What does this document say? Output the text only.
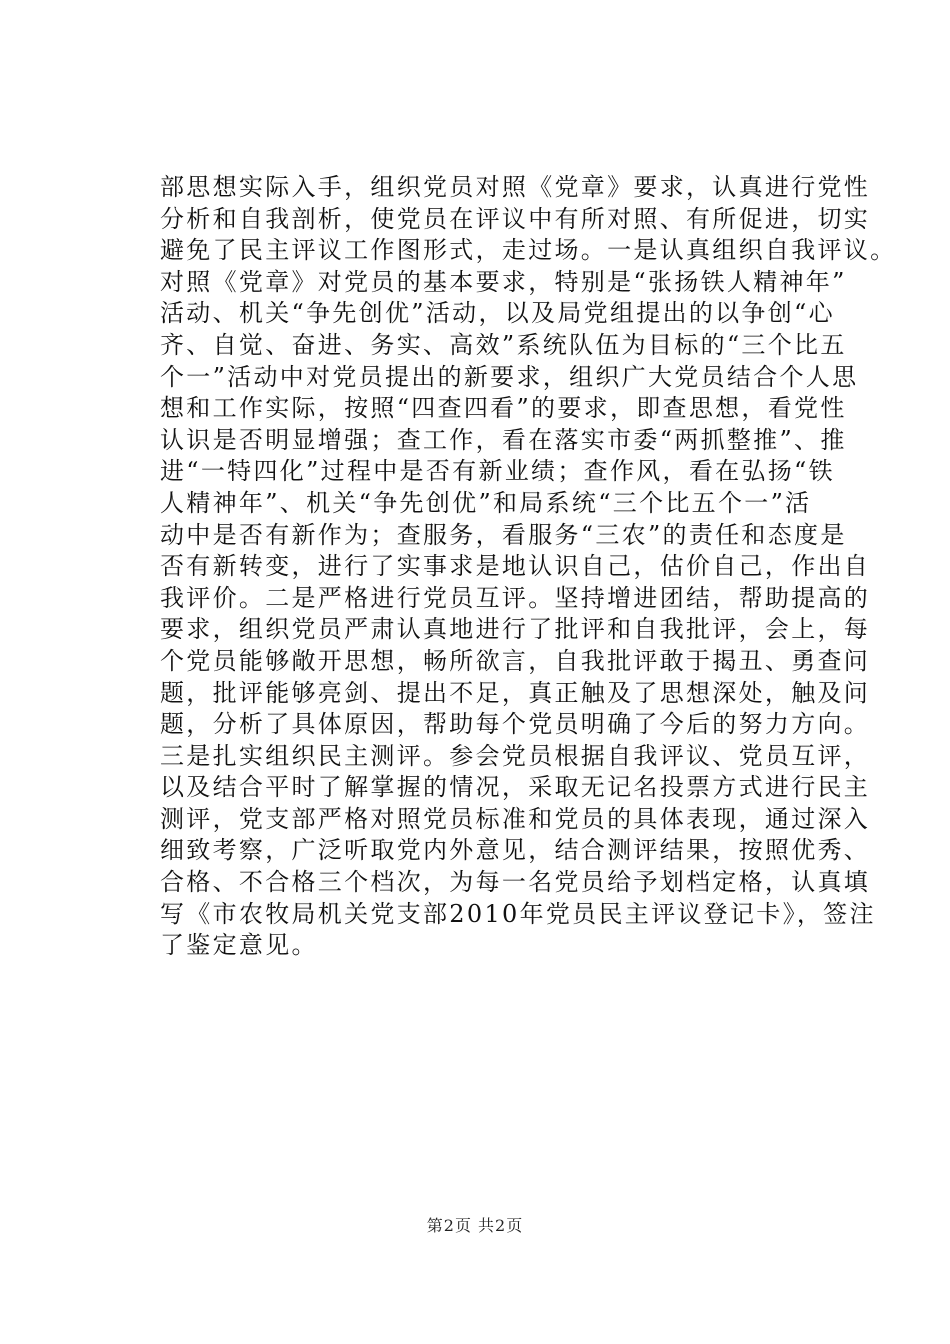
部思想实际入手，组织党员对照《党章》要求，认真进行党性
分析和自我剖析，使党员在评议中有所对照、有所促进，切实
避免了民主评议工作图形式，走过场。一是认真组织自我评议。
对照《党章》对党员的基本要求，特别是“张扬铁人精神年”
活动、机关“争先创优”活动，以及局党组提出的以争创“心
齐、自觉、奋进、务实、高效”系统队伍为目标的“三个比五
个一”活动中对党员提出的新要求，组织广大党员结合个人思
想和工作实际，按照“四查四看”的要求，即查思想，看党性
认识是否明显增强；查工作，看在落实市委“两抓整推”、推
进“一特四化”过程中是否有新业绩；查作风，看在弘扬“铁
人精神年”、机关“争先创优”和局系统“三个比五个一”活
动中是否有新作为；查服务，看服务“三农”的责任和态度是
否有新转变，进行了实事求是地认识自己，估价自己，作出自
我评价。二是严格进行党员互评。坚持增进团结，帮助提高的
要求，组织党员严肃认真地进行了批评和自我批评，会上，每
个党员能够敞开思想，畅所欲言，自我批评敢于揭丑、勇查问
题，批评能够亮剑、提出不足，真正触及了思想深处，触及问
题，分析了具体原因，帮助每个党员明确了今后的努力方向。
三是扎实组织民主测评。参会党员根据自我评议、党员互评，
以及结合平时了解掌握的情况，采取无记名投票方式进行民主
测评，党支部严格对照党员标准和党员的具体表现，通过深入
细致考察，广泛听取党内外意见，结合测评结果，按照优秀、
合格、不合格三个档次，为每一名党员给予划档定格，认真填
写《市农牧局机关党支部2010年党员民主评议登记卡》，签注
了鉴定意见。
第2页 共2页
